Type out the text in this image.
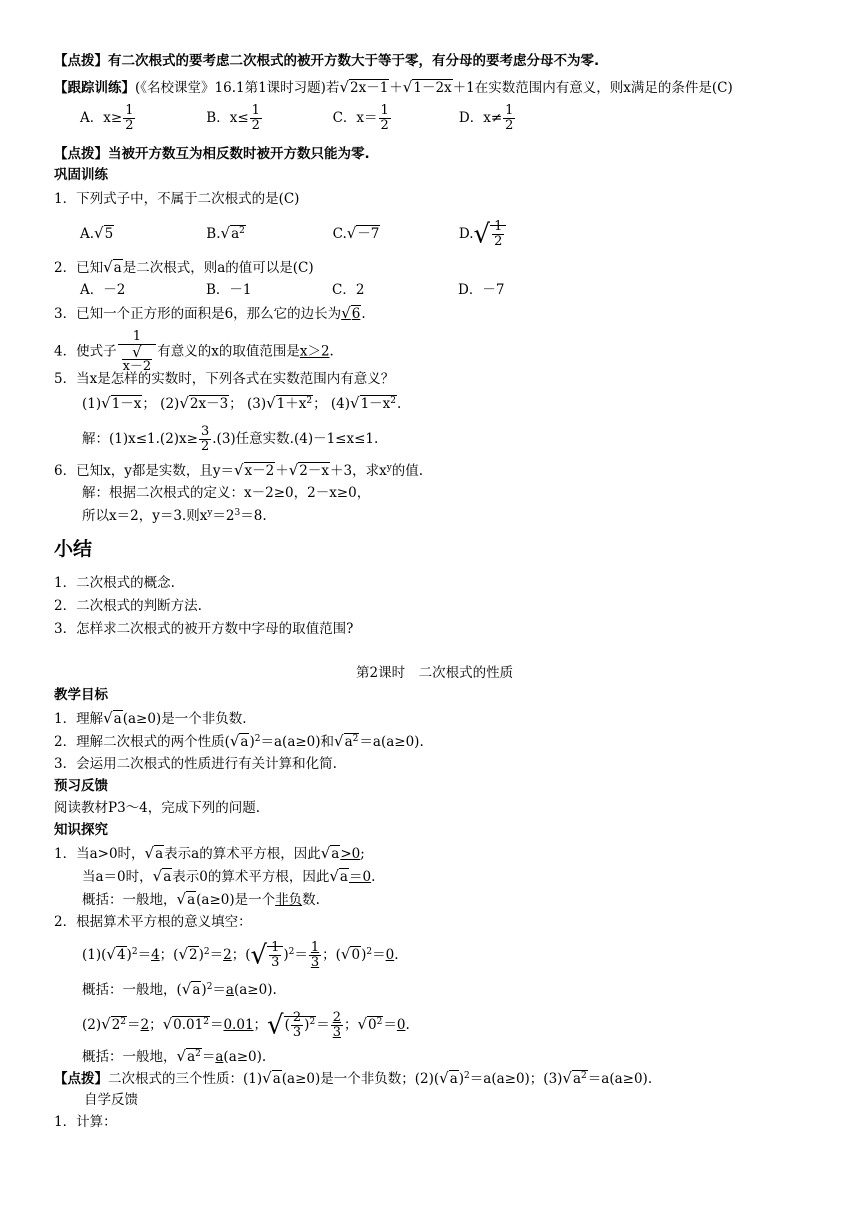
【点拨】有二次根式的要考虑二次根式的被开方数大于等于零，有分母的要考虑分母不为零.
【跟踪训练】(《名校课堂》16.1第1课时习题)若√2x－1＋√1－2x＋1在实数范围内有意义，则x满足的条件是(C)
A．$x\ge \frac{1}{2}$	B．$x\le \frac{1}{2}$	C．$x= \frac{1}{2}$	D．$x\ne \frac{1}{2}$
【点拨】当被开方数互为相反数时被开方数只能为零.
巩固训练
1．下列式子中，不属于二次根式的是(C)
A.√5	$B.√a^2$	C.√－7	$D.√ \frac{1}{2}$
2．已知√a是二次根式，则a的值可以是(C)
A．－2	B．－1	C．2	D．－7
3．已知一个正方形的面积是6，那么它的边长为√6.
4．使式子 1
√
x－2 有意义的x的取值范围是x＞2.
5．当x是怎样的实数时，下列各式在实数范围内有意义？
(1)√1－x； (2)√2x－3； $(3)√1+x^2$； $(4)√1-x^2$.
解：$(1)x\le 1.(2)x\ge \frac{3}{2} .(3)$任意实数.(4)－1≤x≤1.
6．已知x，y都是实数，且y＝√x－2＋√2－x＋3，求$x^y$的值.
解：根据二次根式的定义：x－2≥0，2－x≥0，
所以x＝2，y＝3.则$x^y=2^3=8$.
小结
1．二次根式的概念.
2．二次根式的判断方法.
3．怎样求二次根式的被开方数中字母的取值范围?
第2课时　二次根式的性质
教学目标
1．理解√a(a≥0)是一个非负数.
2．理解二次根式的两个性质$(√a)^2=a(a\ge 0)$和$√a^2=a(a\ge 0)$.
3．会运用二次根式的性质进行有关计算和化简.
预习反馈
阅读教材P3～4，完成下列的问题.
知识探究
1．当a>0时，√a表示a的算术平方根，因此√a>0;
当a＝0时，√a表示0的算术平方根，因此√a＝0.
概括：一般地，√a(a≥0)是一个非负数.
2．根据算术平方根的意义填空：
$(1)(√4)^2=4$；$(√2)^2=2$；(√ $\frac{1}{3} )^2= \frac{1}{3}$ ；$(√0)^2=0$.
概括：一般地，$(√a)^2=a(a\ge 0)$.
$(2)√2^2=2$；$√0.01^2=0.01$；√( $\frac{2}{3} )^2= \frac{2}{3}$ ；$√0^2=0$.
概括：一般地，$√a^2=a(a\ge 0)$.
【点拨】二次根式的三个性质：(1)√a(a≥0)是一个非负数；$(2)(√a)^2=a(a\ge 0)$；$(3)√a^2=a(a\ge 0)$.
自学反馈
1．计算：
